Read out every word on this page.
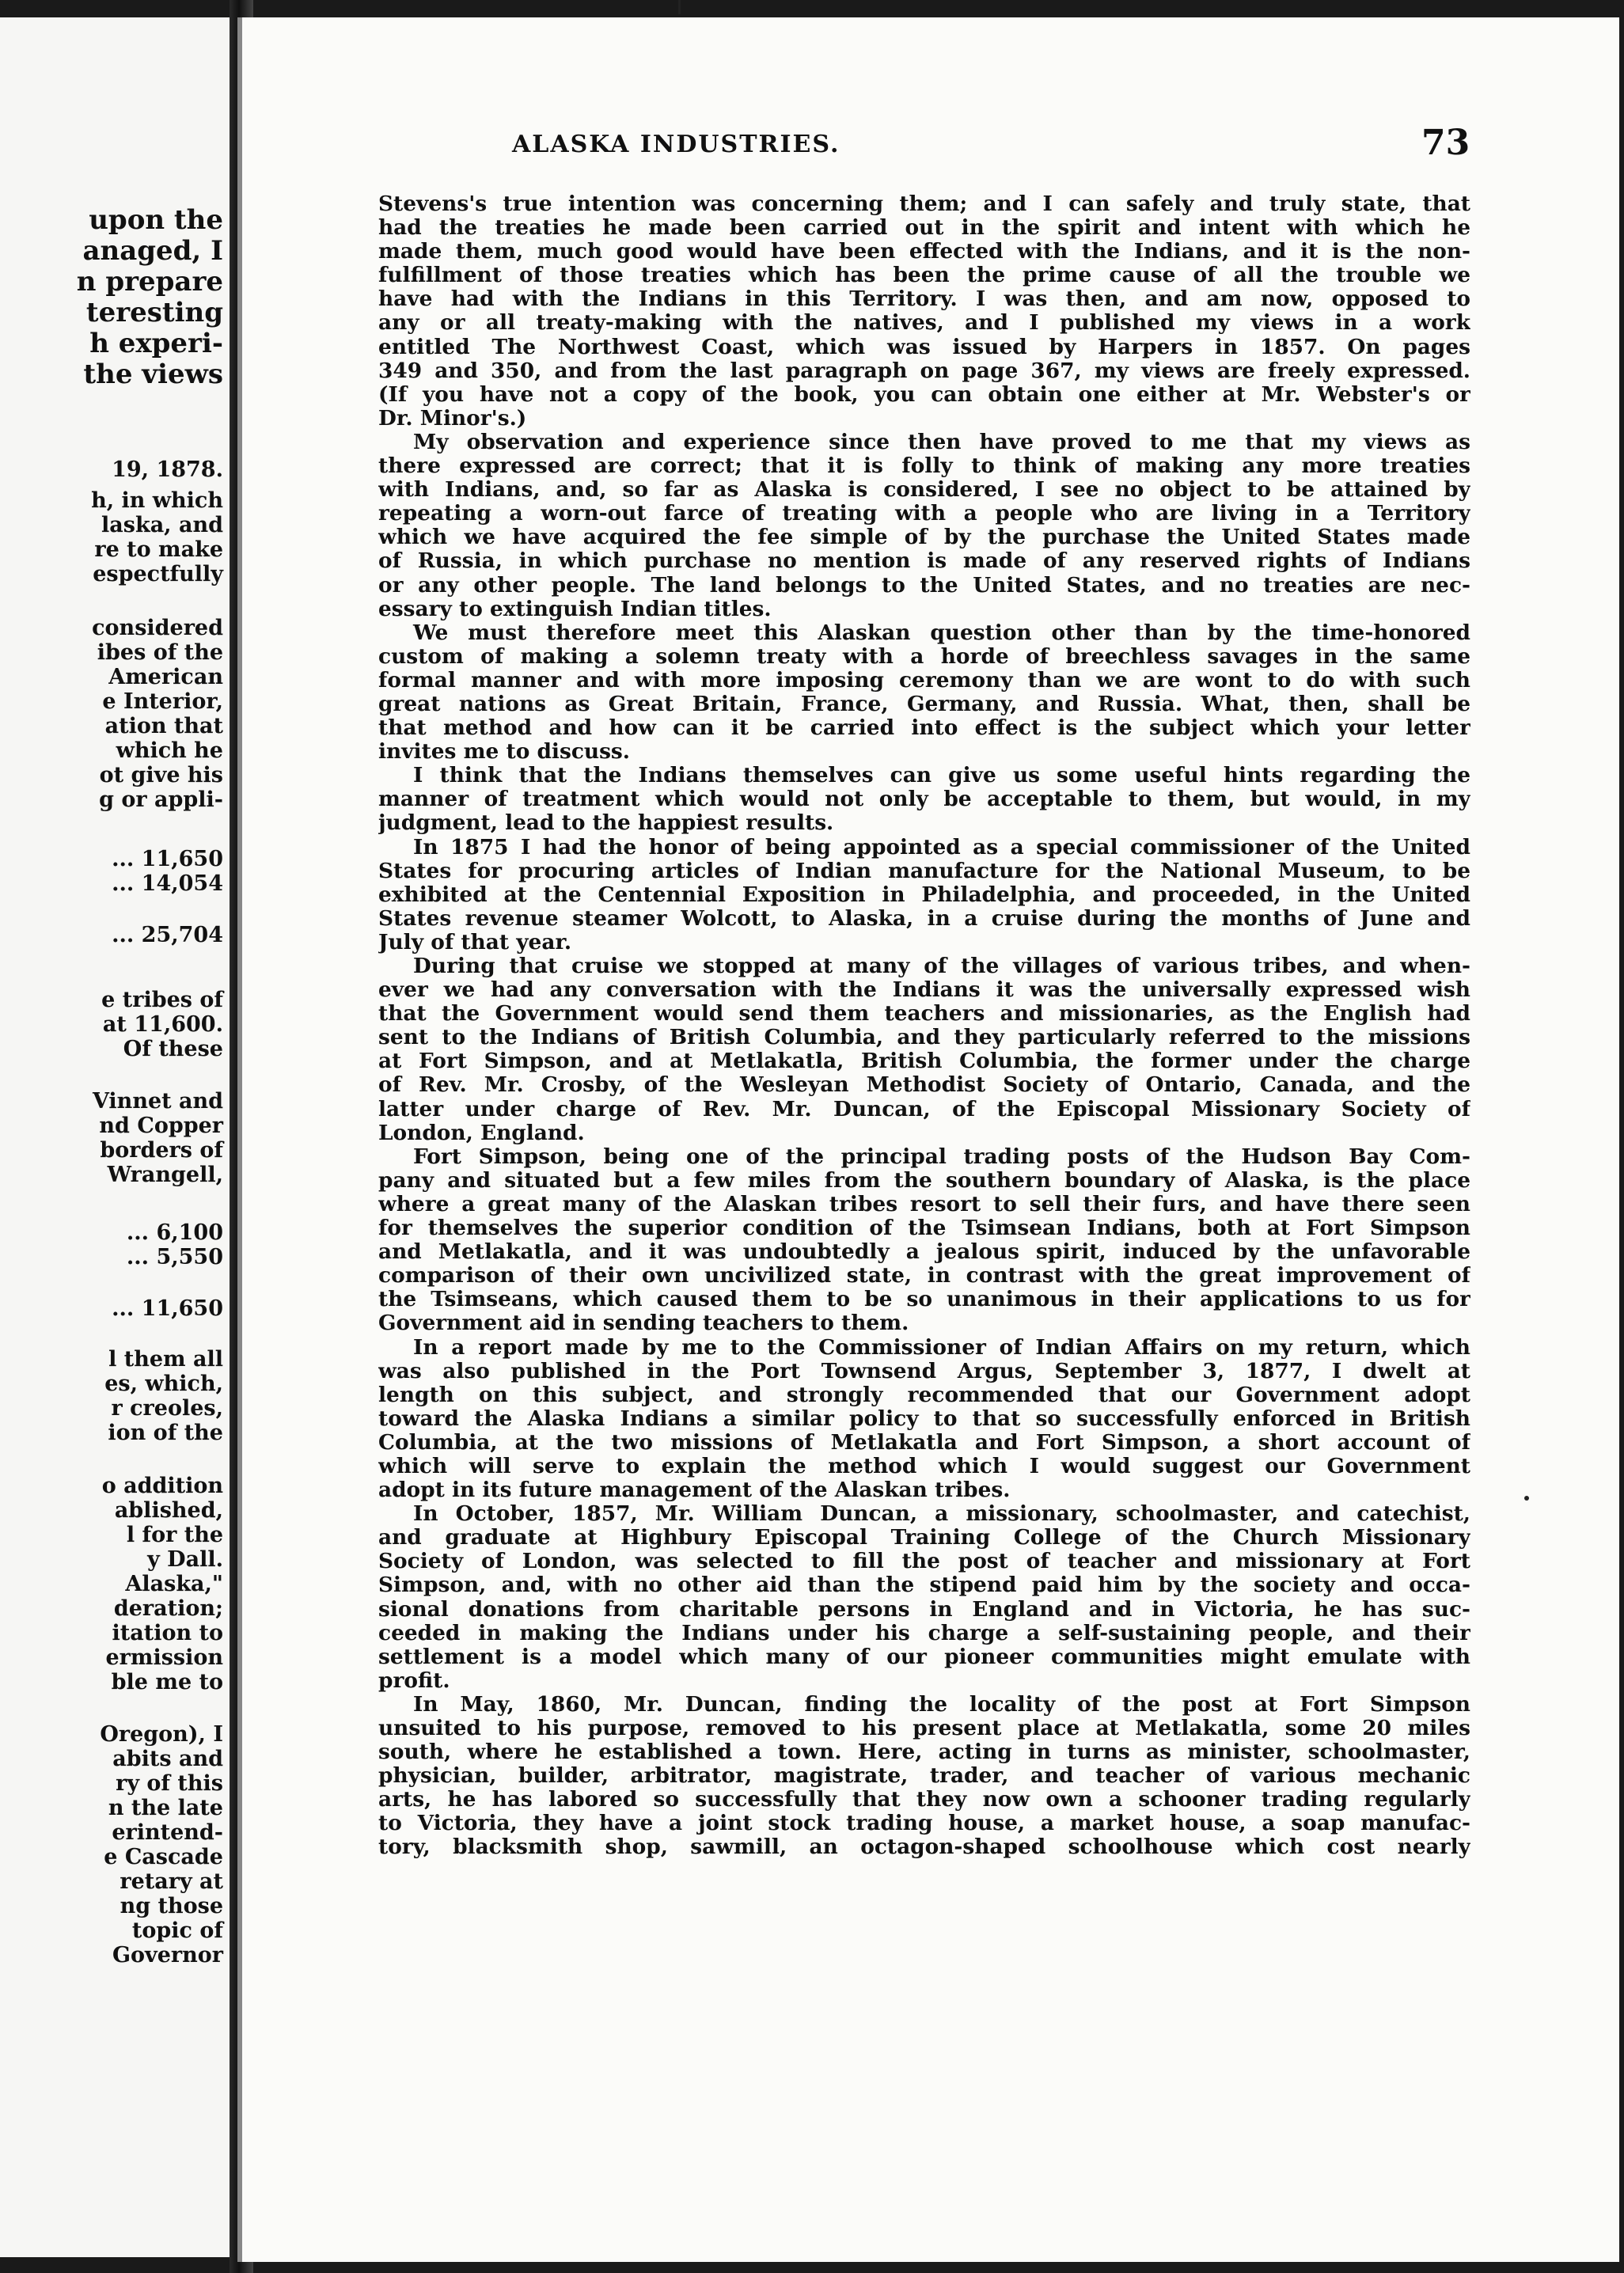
upon the
anaged, I
n prepare
teresting
h experi-
the views
19, 1878.
h, in which
laska, and
re to make
espectfully
considered
ibes of the
American
e Interior,
ation that
which he
ot give his
g or appli-
... 11,650
... 14,054
... 25,704
e tribes of
at 11,600.
Of these
Vinnet and
nd Copper
borders of
Wrangell,
... 6,100
... 5,550
... 11,650
l them all
es, which,
r creoles,
ion of the
o addition
ablished,
l for the
y Dall.
Alaska,"
deration;
itation to
ermission
ble me to
Oregon), I
abits and
ry of this
n the late
erintend-
e Cascade
retary at
ng those
topic of
Governor
ALASKA INDUSTRIES.	73
Stevens's true intention was concerning them; and I can safely and truly state, that
had the treaties he made been carried out in the spirit and intent with which he
made them, much good would have been effected with the Indians, and it is the non-
fulfillment of those treaties which has been the prime cause of all the trouble we
have had with the Indians in this Territory. I was then, and am now, opposed to
any or all treaty-making with the natives, and I published my views in a work
entitled The Northwest Coast, which was issued by Harpers in 1857. On pages
349 and 350, and from the last paragraph on page 367, my views are freely expressed.
(If you have not a copy of the book, you can obtain one either at Mr. Webster's or
Dr. Minor's.)
My observation and experience since then have proved to me that my views as
there expressed are correct; that it is folly to think of making any more treaties
with Indians, and, so far as Alaska is considered, I see no object to be attained by
repeating a worn-out farce of treating with a people who are living in a Territory
which we have acquired the fee simple of by the purchase the United States made
of Russia, in which purchase no mention is made of any reserved rights of Indians
or any other people. The land belongs to the United States, and no treaties are nec-
essary to extinguish Indian titles.
We must therefore meet this Alaskan question other than by the time-honored
custom of making a solemn treaty with a horde of breechless savages in the same
formal manner and with more imposing ceremony than we are wont to do with such
great nations as Great Britain, France, Germany, and Russia. What, then, shall be
that method and how can it be carried into effect is the subject which your letter
invites me to discuss.
I think that the Indians themselves can give us some useful hints regarding the
manner of treatment which would not only be acceptable to them, but would, in my
judgment, lead to the happiest results.
In 1875 I had the honor of being appointed as a special commissioner of the United
States for procuring articles of Indian manufacture for the National Museum, to be
exhibited at the Centennial Exposition in Philadelphia, and proceeded, in the United
States revenue steamer Wolcott, to Alaska, in a cruise during the months of June and
July of that year.
During that cruise we stopped at many of the villages of various tribes, and when-
ever we had any conversation with the Indians it was the universally expressed wish
that the Government would send them teachers and missionaries, as the English had
sent to the Indians of British Columbia, and they particularly referred to the missions
at Fort Simpson, and at Metlakatla, British Columbia, the former under the charge
of Rev. Mr. Crosby, of the Wesleyan Methodist Society of Ontario, Canada, and the
latter under charge of Rev. Mr. Duncan, of the Episcopal Missionary Society of
London, England.
Fort Simpson, being one of the principal trading posts of the Hudson Bay Com-
pany and situated but a few miles from the southern boundary of Alaska, is the place
where a great many of the Alaskan tribes resort to sell their furs, and have there seen
for themselves the superior condition of the Tsimsean Indians, both at Fort Simpson
and Metlakatla, and it was undoubtedly a jealous spirit, induced by the unfavorable
comparison of their own uncivilized state, in contrast with the great improvement of
the Tsimseans, which caused them to be so unanimous in their applications to us for
Government aid in sending teachers to them.
In a report made by me to the Commissioner of Indian Affairs on my return, which
was also published in the Port Townsend Argus, September 3, 1877, I dwelt at
length on this subject, and strongly recommended that our Government adopt
toward the Alaska Indians a similar policy to that so successfully enforced in British
Columbia, at the two missions of Metlakatla and Fort Simpson, a short account of
which will serve to explain the method which I would suggest our Government
adopt in its future management of the Alaskan tribes.
In October, 1857, Mr. William Duncan, a missionary, schoolmaster, and catechist,
and graduate at Highbury Episcopal Training College of the Church Missionary
Society of London, was selected to fill the post of teacher and missionary at Fort
Simpson, and, with no other aid than the stipend paid him by the society and occa-
sional donations from charitable persons in England and in Victoria, he has suc-
ceeded in making the Indians under his charge a self-sustaining people, and their
settlement is a model which many of our pioneer communities might emulate with
profit.
In May, 1860, Mr. Duncan, finding the locality of the post at Fort Simpson
unsuited to his purpose, removed to his present place at Metlakatla, some 20 miles
south, where he established a town. Here, acting in turns as minister, schoolmaster,
physician, builder, arbitrator, magistrate, trader, and teacher of various mechanic
arts, he has labored so successfully that they now own a schooner trading regularly
to Victoria, they have a joint stock trading house, a market house, a soap manufac-
tory, blacksmith shop, sawmill, an octagon-shaped schoolhouse which cost nearly
